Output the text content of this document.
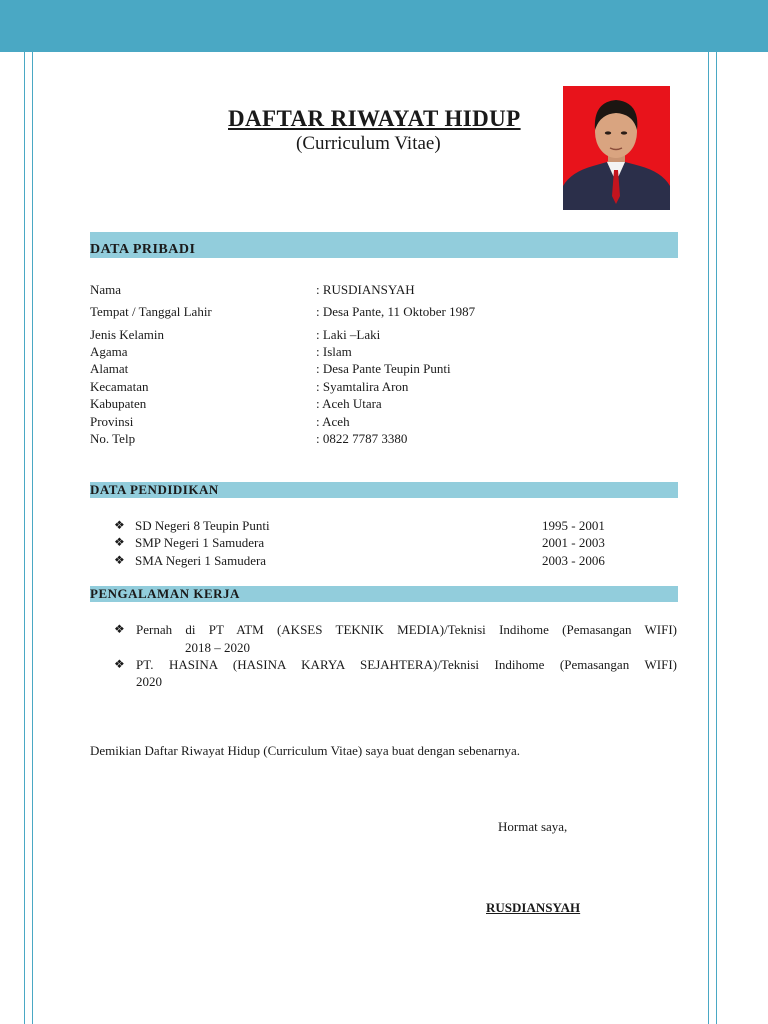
DAFTAR RIWAYAT HIDUP
(Curriculum Vitae)
DATA PRIBADI
Nama	: RUSDIANSYAH
Tempat / Tanggal Lahir	: Desa Pante, 11 Oktober 1987
Jenis Kelamin	: Laki –Laki
Agama	: Islam
Alamat	: Desa Pante Teupin Punti
Kecamatan	: Syamtalira Aron
Kabupaten	: Aceh Utara
Provinsi	: Aceh
No. Telp	: 0822 7787 3380
DATA PENDIDIKAN
❖ SD Negeri 8 Teupin Punti	1995 - 2001
❖ SMP Negeri 1 Samudera	2001 - 2003
❖ SMA Negeri 1 Samudera	2003 - 2006
PENGALAMAN KERJA
❖ Pernah di PT ATM (AKSES TEKNIK MEDIA)/Teknisi Indihome (Pemasangan WIFI)
2018 – 2020
❖ PT. HASINA (HASINA KARYA SEJAHTERA)/Teknisi Indihome (Pemasangan WIFI)
2020
Demikian Daftar Riwayat Hidup (Curriculum Vitae) saya buat dengan sebenarnya.
Hormat saya,
RUSDIANSYAH
